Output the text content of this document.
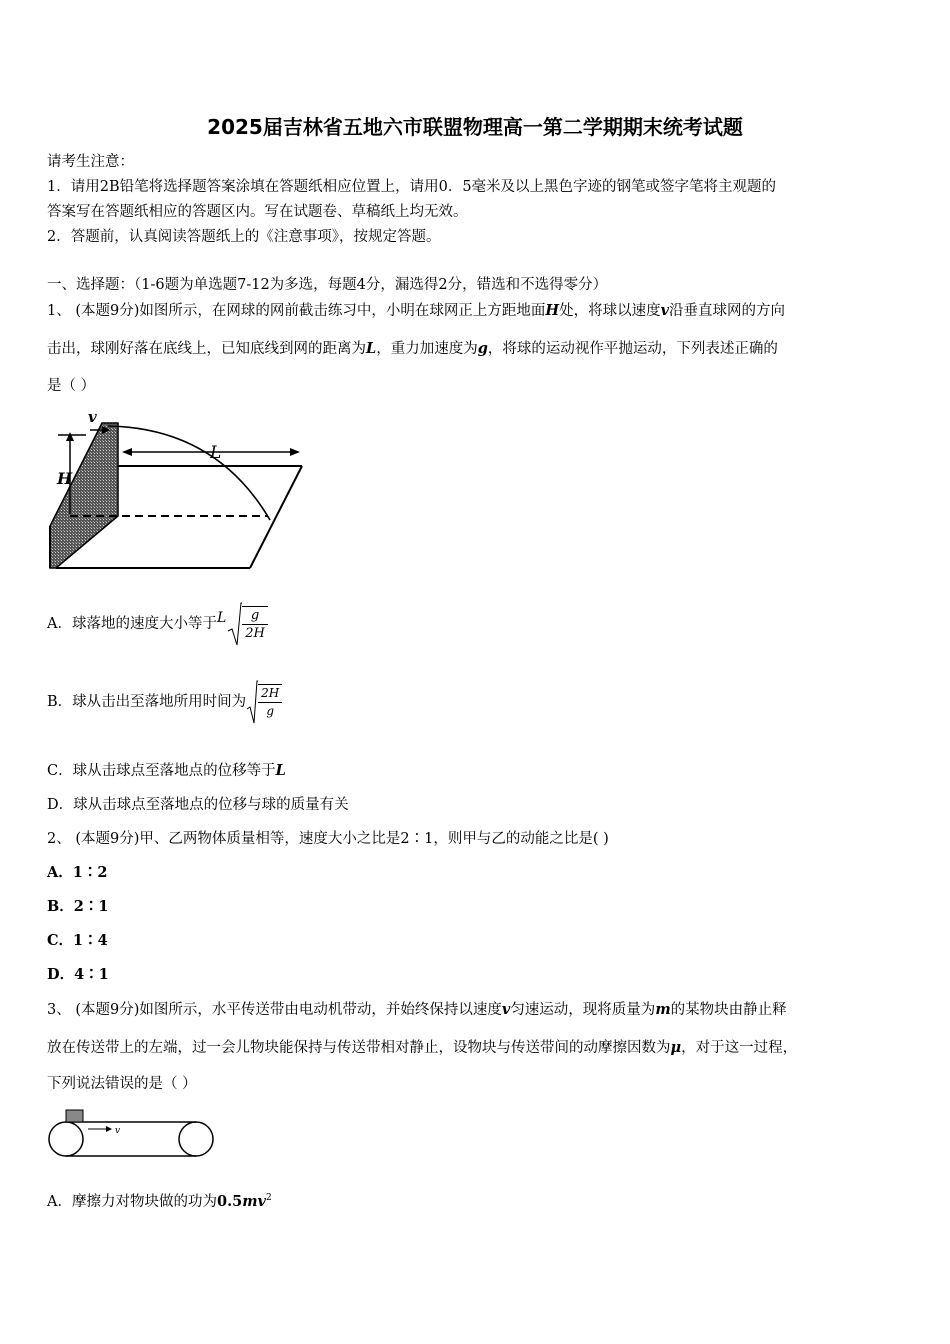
2025届吉林省五地六市联盟物理高一第二学期期末统考试题
请考生注意：
1．请用2B铅笔将选择题答案涂填在答题纸相应位置上，请用0．5毫米及以上黑色字迹的钢笔或签字笔将主观题的
答案写在答题纸相应的答题区内。写在试题卷、草稿纸上均无效。
2．答题前，认真阅读答题纸上的《注意事项》，按规定答题。
一、选择题：（1-6题为单选题7-12为多选，每题4分，漏选得2分，错选和不选得零分）
1、 (本题9分)如图所示，在网球的网前截击练习中，小明在球网正上方距地面H处，将球以速度v沿垂直球网的方向
击出，球刚好落在底线上，已知底线到网的距离为L，重力加速度为g，将球的运动视作平抛运动，下列表述正确的
是（ ）
L
H
v
A．球落地的速度大小等于L $\frac{g}{2H}$
B．球从击出至落地所用时间为 $\frac{2H}{g}$
C．球从击球点至落地点的位移等于L
D．球从击球点至落地点的位移与球的质量有关
2、 (本题9分)甲、乙两物体质量相等，速度大小之比是2∶1，则甲与乙的动能之比是( )
A．1∶2
B．2∶1
C．1∶4
D．4∶1
3、 (本题9分)如图所示，水平传送带由电动机带动，并始终保持以速度v匀速运动，现将质量为m的某物块由静止释
放在传送带上的左端，过一会儿物块能保持与传送带相对静止，设物块与传送带间的动摩擦因数为μ，对于这一过程，
下列说法错误的是（ ）
v
A．摩擦力对物块做的功为$0.5mv^2$
